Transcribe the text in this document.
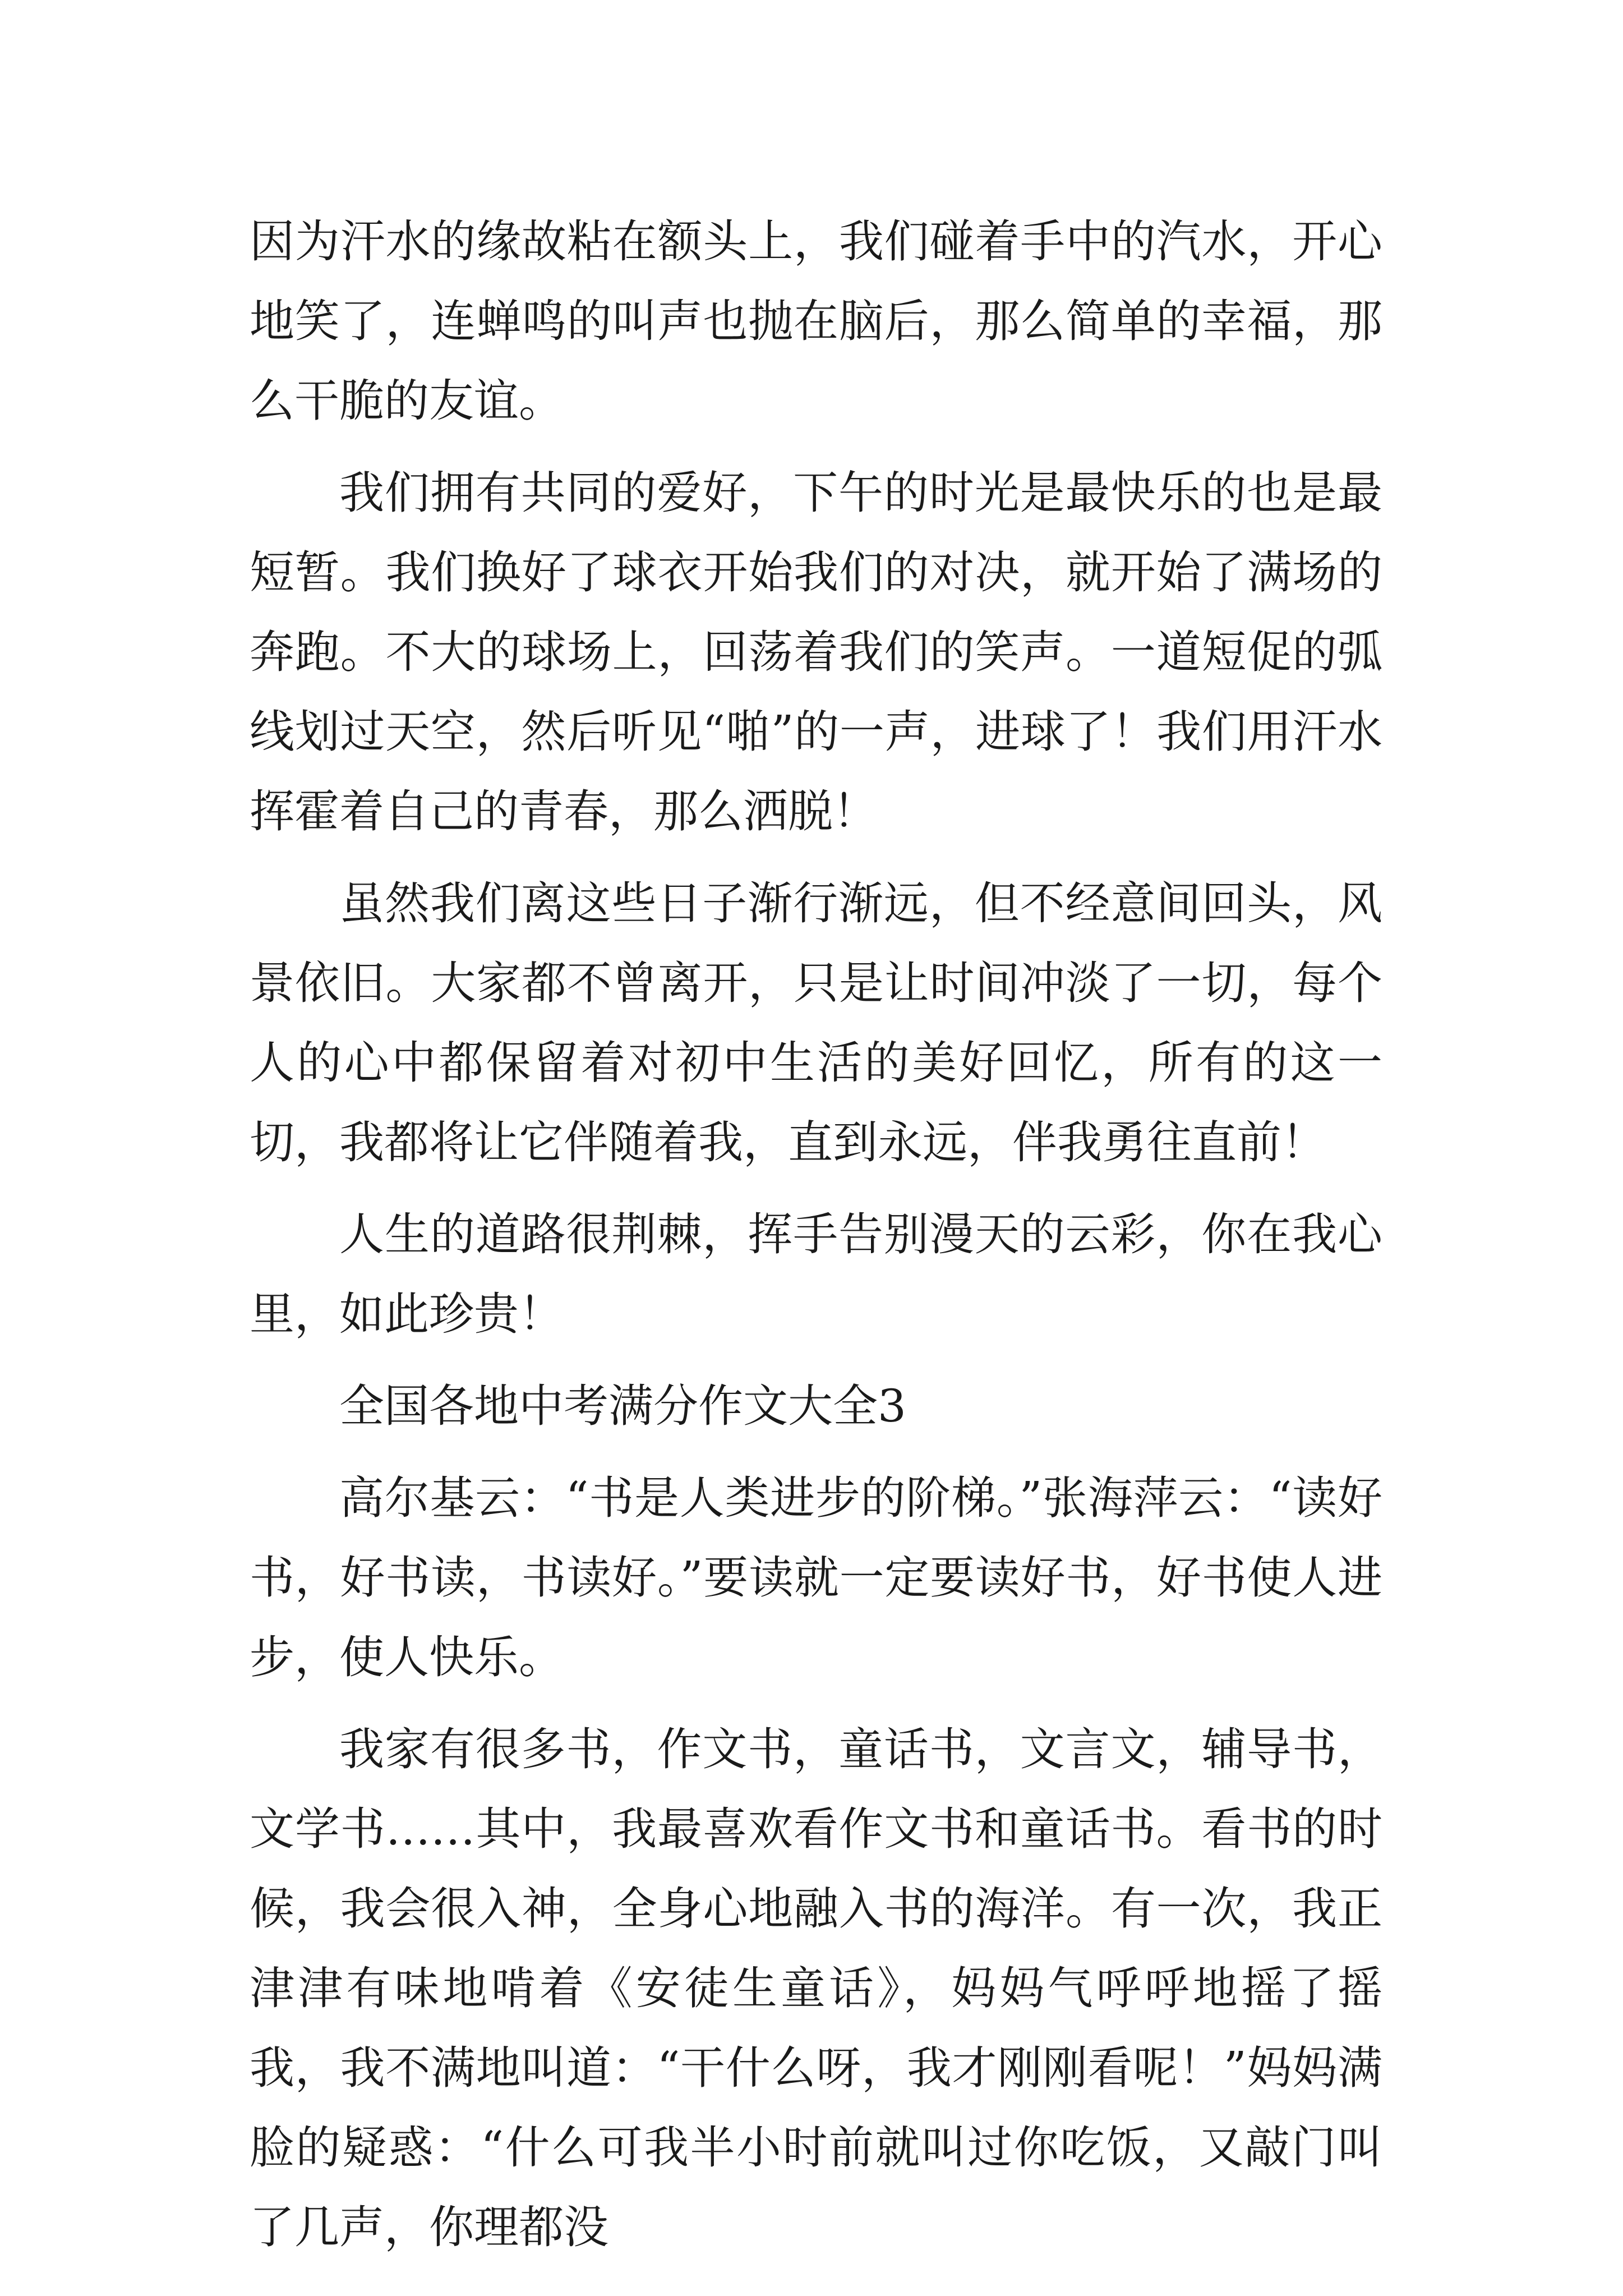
因为汗水的缘故粘在额头上，我们碰着手中的汽水，开心地笑了，连蝉鸣的叫声也抛在脑后，那么简单的幸福，那么干脆的友谊。

我们拥有共同的爱好，下午的时光是最快乐的也是最短暂。我们换好了球衣开始我们的对决，就开始了满场的奔跑。不大的球场上，回荡着我们的笑声。一道短促的弧线划过天空，然后听见“啪”的一声，进球了！我们用汗水挥霍着自己的青春，那么洒脱！

虽然我们离这些日子渐行渐远，但不经意间回头，风景依旧。大家都不曾离开，只是让时间冲淡了一切，每个人的心中都保留着对初中生活的美好回忆，所有的这一切，我都将让它伴随着我，直到永远，伴我勇往直前！

人生的道路很荆棘，挥手告别漫天的云彩，你在我心里，如此珍贵！

全国各地中考满分作文大全3

高尔基云：“书是人类进步的阶梯。”张海萍云：“读好书，好书读，书读好。”要读就一定要读好书，好书使人进步，使人快乐。

我家有很多书，作文书，童话书，文言文，辅导书，文学书……其中，我最喜欢看作文书和童话书。看书的时候，我会很入神，全身心地融入书的海洋。有一次，我正津津有味地啃着《安徒生童话》，妈妈气呼呼地摇了摇我，我不满地叫道：“干什么呀，我才刚刚看呢！”妈妈满脸的疑惑：“什么可我半小时前就叫过你吃饭，又敲门叫了几声，你理都没
